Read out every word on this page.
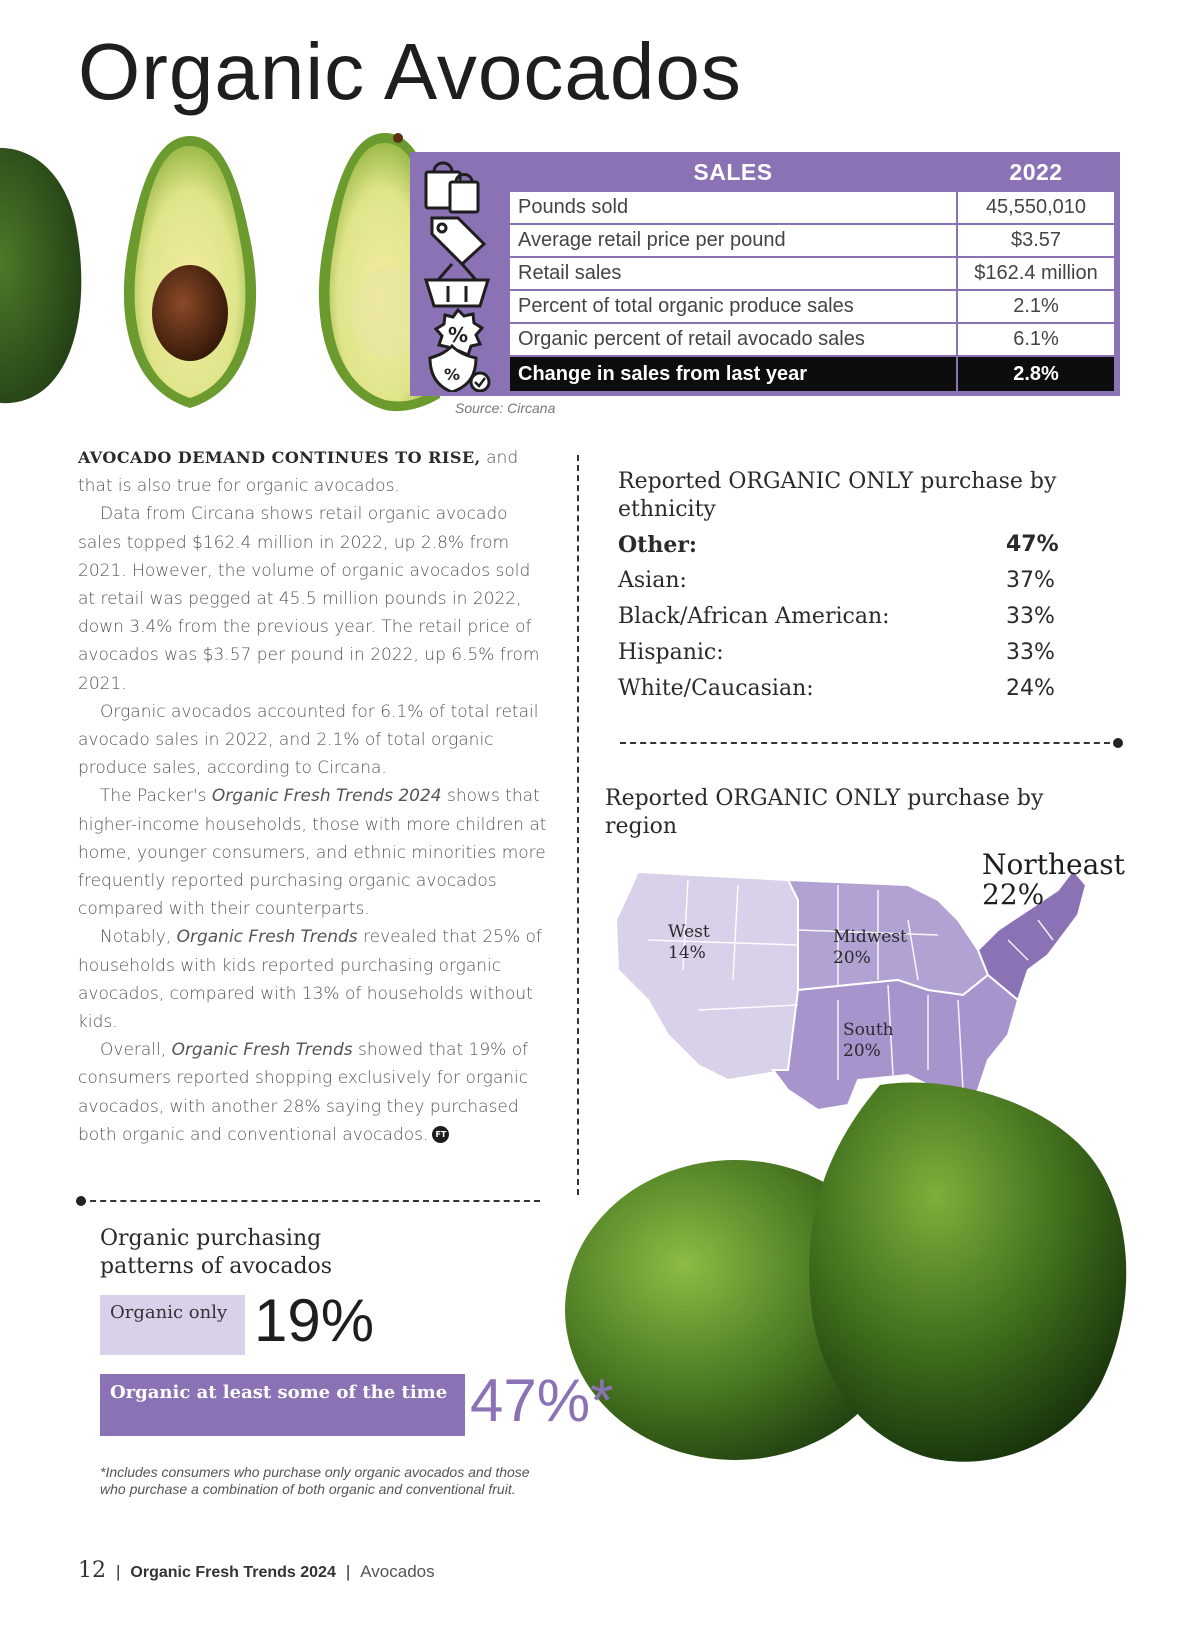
Organic Avocados
%
%
SALES	2022
Pounds sold	45,550,010
Average retail price per pound	$3.57
Retail sales	$162.4 million
Percent of total organic produce sales	2.1%
Organic percent of retail avocado sales	6.1%
Change in sales from last year	2.8%
Source: Circana

AVOCADO DEMAND CONTINUES TO RISE, and that is also true for organic avocados.

Data from Circana shows retail organic avocado sales topped $162.4 million in 2022, up 2.8% from 2021. However, the volume of organic avocados sold at retail was pegged at 45.5 million pounds in 2022, down 3.4% from the previous year. The retail price of avocados was $3.57 per pound in 2022, up 6.5% from 2021.

Organic avocados accounted for 6.1% of total retail avocado sales in 2022, and 2.1% of total organic produce sales, according to Circana.

The Packer's Organic Fresh Trends 2024 shows that higher-income households, those with more children at home, younger consumers, and ethnic minorities more frequently reported purchasing organic avocados compared with their counterparts.

Notably, Organic Fresh Trends revealed that 25% of households with kids reported purchasing organic avocados, compared with 13% of households without kids.

Overall, Organic Fresh Trends showed that 19% of consumers reported shopping exclusively for organic avocados, with another 28% saying they purchased both organic and conventional avocados. FT

Reported ORGANIC ONLY purchase by ethnicity
Other:	47%
Asian:	37%
Black/African American:	33%
Hispanic:	33%
White/Caucasian:	24%
Reported ORGANIC ONLY purchase by region
West
14%
Midwest
20%
South
20%
Northeast
22%
Organic purchasing patterns of avocados
Organic only 19%
Organic at least some of the time 47%*
*Includes consumers who purchase only organic avocados and those who purchase a combination of both organic and conventional fruit.
12 | Organic Fresh Trends 2024 | Avocados
